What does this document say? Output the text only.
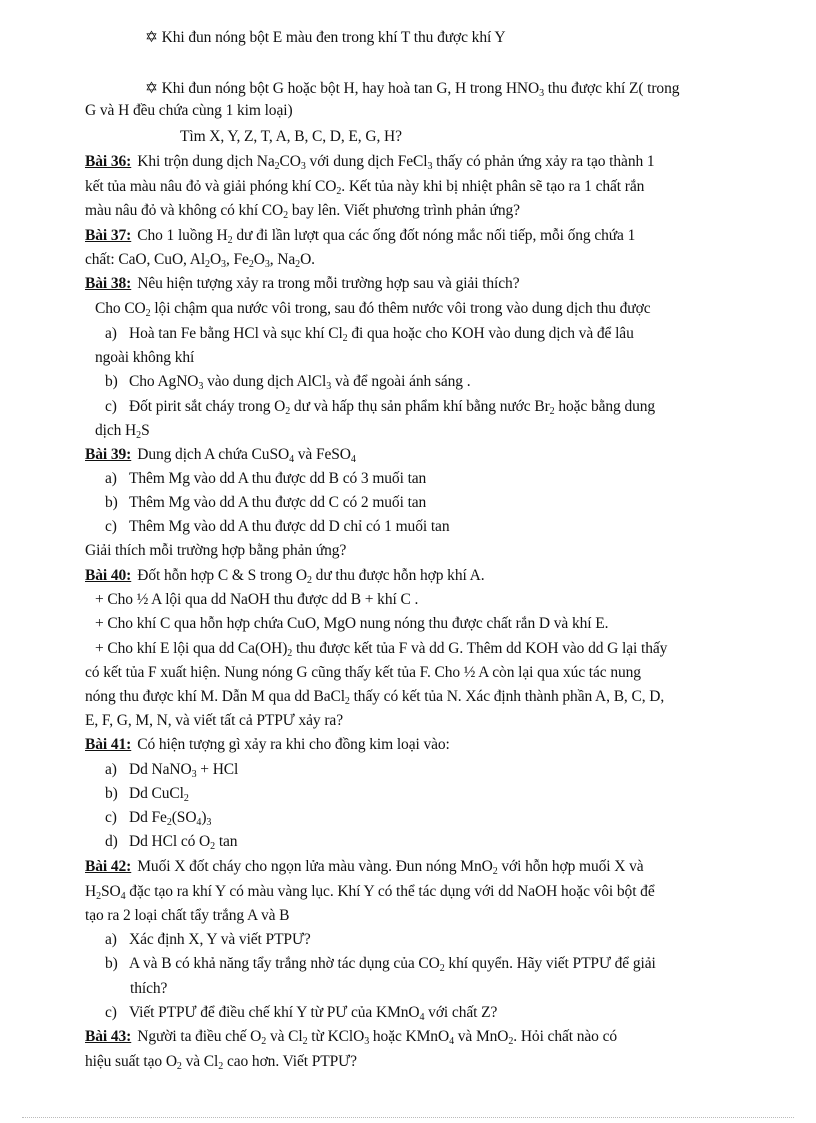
✡ Khi đun nóng bột E màu đen trong khí T thu được khí Y
✡ Khi đun nóng bột G hoặc bột H, hay hoà tan G, H trong $HNO_3$ thu được khí Z( trong
G và H đều chứa cùng 1 kim loại)
Tìm X, Y, Z, T, A, B, C, D, E, G, H?
Bài 36: Khi trộn dung dịch $Na_2CO_3$ với dung dịch FeCl$_3$ thấy có phản ứng xảy ra tạo thành 1
kết tủa màu nâu đỏ và giải phóng khí $CO_2$. Kết tủa này khi bị nhiệt phân sẽ tạo ra 1 chất rắn
màu nâu đỏ và không có khí $CO_2$ bay lên. Viết phương trình phản ứng?
Bài 37: Cho 1 luồng $H_2$ dư đi lần lượt qua các ống đốt nóng mắc nối tiếp, mỗi ống chứa 1
chất: CaO, CuO, $Al_2O_3$, $Fe_2O_3$, $Na_2O$.
Bài 38: Nêu hiện tượng xảy ra trong mỗi trường hợp sau và giải thích?
Cho $CO_2$ lội chậm qua nước vôi trong, sau đó thêm nước vôi trong vào dung dịch thu được
a) Hoà tan Fe bằng HCl và sục khí $Cl_2$ đi qua hoặc cho KOH vào dung dịch và để lâu
ngoài không khí
b) Cho AgNO$_3$ vào dung dịch AlCl$_3$ và để ngoài ánh sáng .
c) Đốt pirit sắt cháy trong $O_2$ dư và hấp thụ sản phẩm khí bằng nước $Br_2$ hoặc bằng dung
dịch $H_2S$
Bài 39: Dung dịch A chứa CuSO$_4$ và FeSO$_4$
a) Thêm Mg vào dd A thu được dd B có 3 muối tan
b) Thêm Mg vào dd A thu được dd C có 2 muối tan
c) Thêm Mg vào dd A thu được dd D chỉ có 1 muối tan
Giải thích mỗi trường hợp bằng phản ứng?
Bài 40: Đốt hỗn hợp C & S trong $O_2$ dư thu được hỗn hợp khí A.
+ Cho ½ A lội qua dd NaOH thu được dd B + khí C .
+ Cho khí C qua hỗn hợp chứa CuO, MgO nung nóng thu được chất rắn D và khí E.
+ Cho khí E lội qua dd $Ca(OH)_2$ thu được kết tủa F và dd G. Thêm dd KOH vào dd G lại thấy
có kết tủa F xuất hiện. Nung nóng G cũng thấy kết tủa F. Cho ½ A còn lại qua xúc tác nung
nóng thu được khí M. Dẫn M qua dd BaCl$_2$ thấy có kết tủa N. Xác định thành phần A, B, C, D,
E, F, G, M, N, và viết tất cả PTPƯ xảy ra?
Bài 41: Có hiện tượng gì xảy ra khi cho đồng kim loại vào:
a) Dd NaNO$_3$ + HCl
b) Dd CuCl$_2$
c) Dd $Fe_2(SO_4)_3$
d) Dd HCl có $O_2$ tan
Bài 42: Muối X đốt cháy cho ngọn lửa màu vàng. Đun nóng MnO$_2$ với hỗn hợp muối X và
$H_2SO_4$ đặc tạo ra khí Y có màu vàng lục. Khí Y có thể tác dụng với dd NaOH hoặc vôi bột để
tạo ra 2 loại chất tẩy trắng A và B
a) Xác định X, Y và viết PTPƯ?
b) A và B có khả năng tẩy trắng nhờ tác dụng của $CO_2$ khí quyển. Hãy viết PTPƯ để giải
thích?
c) Viết PTPƯ để điều chế khí Y từ PƯ của KMnO$_4$ với chất Z?
Bài 43: Người ta điều chế $O_2$ và $Cl_2$ từ KClO$_3$ hoặc KMnO$_4$ và MnO$_2$. Hỏi chất nào có
hiệu suất tạo $O_2$ và $Cl_2$ cao hơn. Viết PTPƯ?
